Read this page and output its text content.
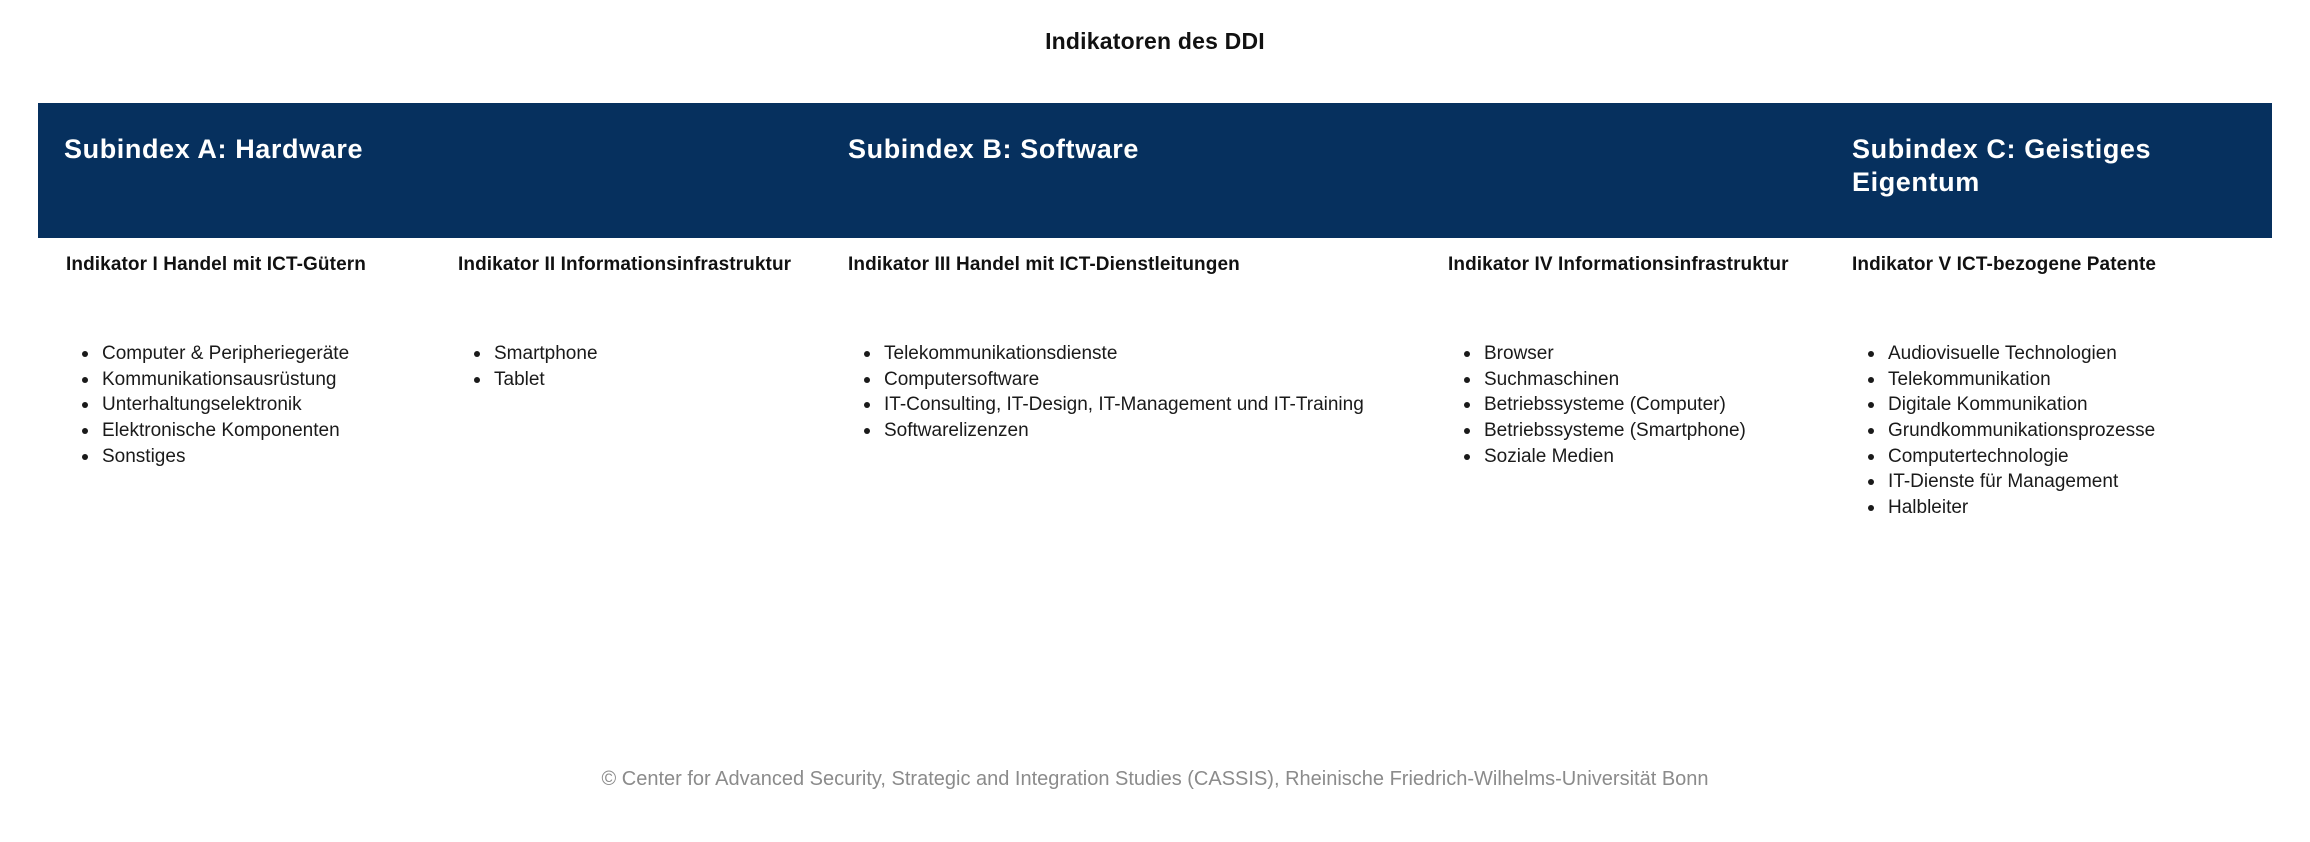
Indikatoren des DDI
Subindex A: Hardware	Subindex B: Software	Subindex C: Geistiges Eigentum
Indikator I Handel mit ICT-Gütern
Computer & Peripheriegeräte
Kommunikationsausrüstung
Unterhaltungselektronik
Elektronische Komponenten
Sonstiges
Indikator II Informationsinfrastruktur
Smartphone
Tablet
Indikator III Handel mit ICT-Dienstleitungen
Telekommunikationsdienste
Computersoftware
IT-Consulting, IT-Design, IT-Management und IT-Training
Softwarelizenzen
Indikator IV Informationsinfrastruktur
Browser
Suchmaschinen
Betriebssysteme (Computer)
Betriebssysteme (Smartphone)
Soziale Medien
Indikator V ICT-bezogene Patente
Audiovisuelle Technologien
Telekommunikation
Digitale Kommunikation
Grundkommunikationsprozesse
Computertechnologie
IT-Dienste für Management
Halbleiter
© Center for Advanced Security, Strategic and Integration Studies (CASSIS), Rheinische Friedrich-Wilhelms-Universität Bonn
